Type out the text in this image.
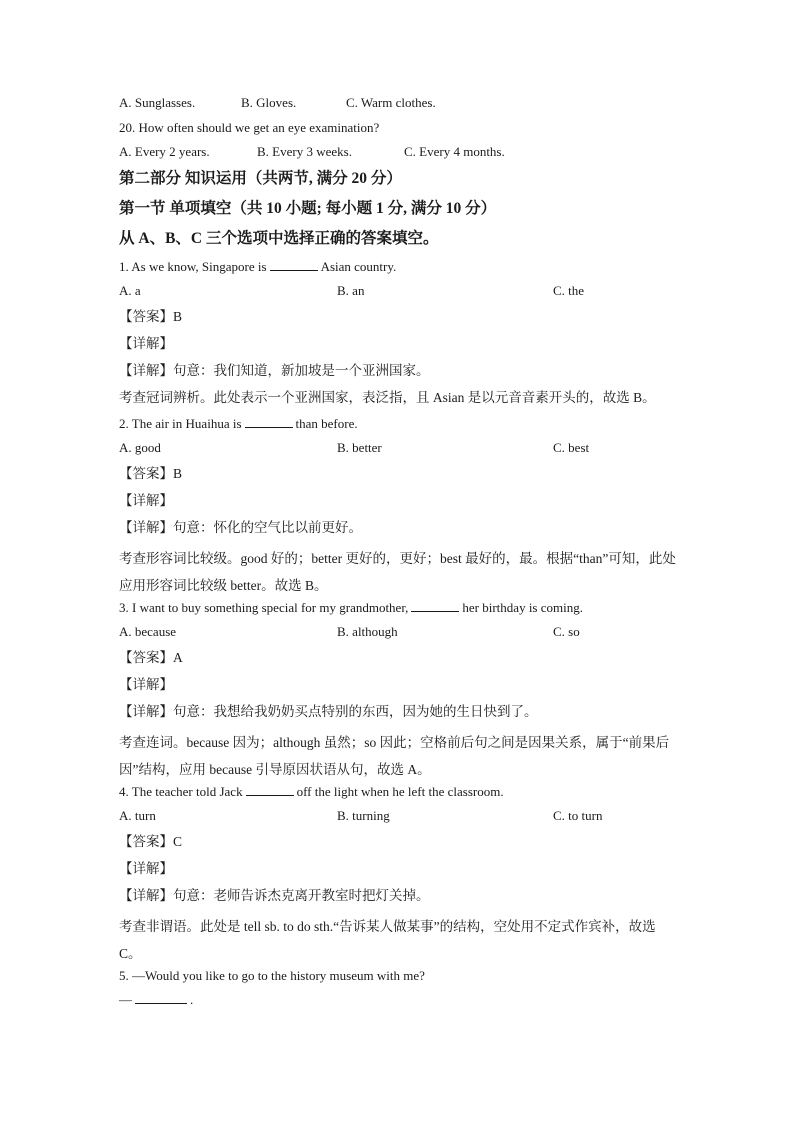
A. Sunglasses.	B. Gloves.	C. Warm clothes.
20. How often should we get an eye examination?
A. Every 2 years.	B. Every 3 weeks.	C. Every 4 months.
第二部分 知识运用（共两节, 满分 20 分）
第一节 单项填空（共 10 小题; 每小题 1 分, 满分 10 分）
从 A、B、C 三个选项中选择正确的答案填空。
1. As we know, Singapore is	Asian country.
A. a	B. an	C. the
【答案】B
【详解】
【详解】句意：我们知道，新加坡是一个亚洲国家。
考查冠词辨析。此处表示一个亚洲国家，表泛指，且 Asian 是以元音音素开头的，故选 B。
2. The air in Huaihua is	than before.
A. good	B. better	C. best
【答案】B
【详解】
【详解】句意：怀化的空气比以前更好。
考查形容词比较级。good 好的；better 更好的，更好；best 最好的，最。根据“than”可知，此处应用形容词比较级 better。故选 B。
3. I want to buy something special for my grandmother,	her birthday is coming.
A. because	B. although	C. so
【答案】A
【详解】
【详解】句意：我想给我奶奶买点特别的东西，因为她的生日快到了。
考查连词。because 因为；although 虽然；so 因此；空格前后句之间是因果关系，属于“前果后因”结构，应用 because 引导原因状语从句，故选 A。
4. The teacher told Jack	off the light when he left the classroom.
A. turn	B. turning	C. to turn
【答案】C
【详解】
【详解】句意：老师告诉杰克离开教室时把灯关掉。
考查非谓语。此处是 tell sb. to do sth.“告诉某人做某事”的结构，空处用不定式作宾补，故选 C。
5. —Would you like to go to the history museum with me?
—	.
